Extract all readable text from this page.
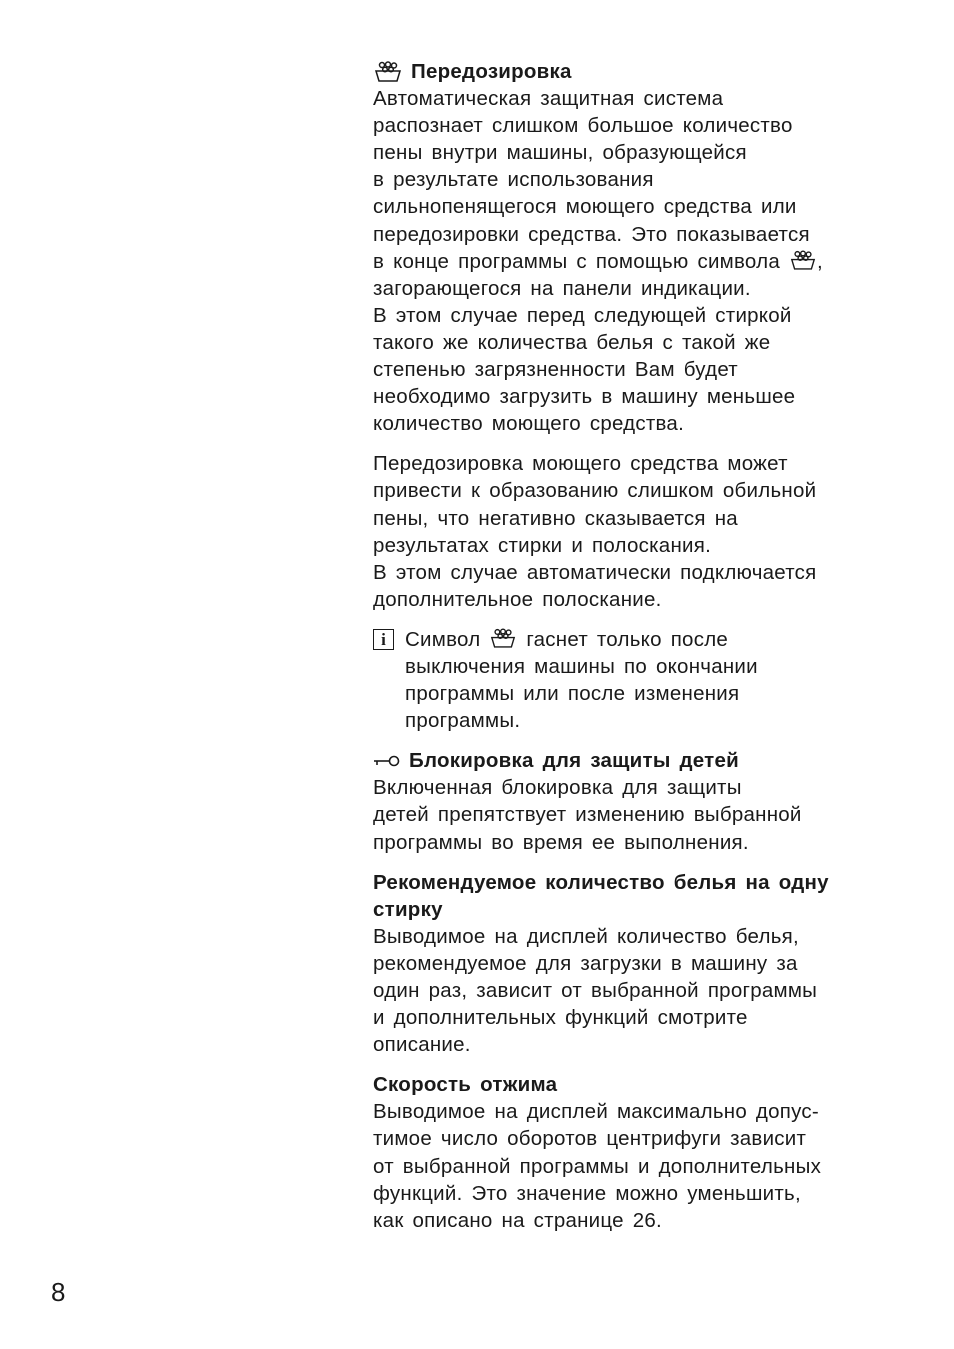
Передозировка
Автоматическая защитная система
распознает слишком большое количество
пены внутри машины, образующейся
в результате использования
сильнопенящегося моющего средства или
передозировки средства. Это показывается
в конце программы с помощью символа ,
загорающегося на панели индикации.
В этом случае перед следующей стиркой
такого же количества белья с такой же
степенью загрязненности Вам будет
необходимо загрузить в машину меньшее
количество моющего средства.
Передозировка моющего средства может
привести к образованию слишком обильной
пены, что негативно сказывается на
результатах стирки и полоскания.
В этом случае автоматически подключается
дополнительное полоскание.
i Символ гаснет только после
выключения машины по окончании
программы или после изменения
программы.
Блокировка для защиты детей
Включенная блокировка для защиты
детей препятствует изменению выбранной
программы во время ее выполнения.
Рекомендуемое количество белья на одну
стирку
Выводимое на дисплей количество белья,
рекомендуемое для загрузки в машину за
один раз, зависит от выбранной программы
и дополнительных функций смотрите
описание.
Скорость отжима
Выводимое на дисплей максимально допус-
тимое число оборотов центрифуги зависит
от выбранной программы и дополнительных
функций. Это значение можно уменьшить,
как описано на странице 26.
8
